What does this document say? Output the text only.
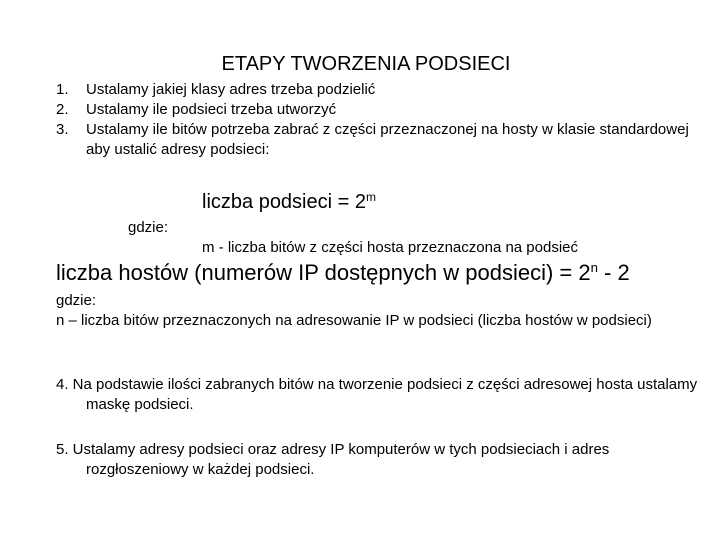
ETAPY TWORZENIA PODSIECI
1. Ustalamy jakiej klasy adres trzeba podzielić
2. Ustalamy ile podsieci trzeba utworzyć
3. Ustalamy ile bitów potrzeba zabrać z części przeznaczonej na hosty w klasie standardowej aby ustalić adresy podsieci:
liczba podsieci = $2^m$
gdzie:
m - liczba bitów z części hosta przeznaczona na podsieć
liczba hostów (numerów IP dostępnych w podsieci) = $2^n - 2$
gdzie:
n – liczba bitów przeznaczonych na adresowanie IP w podsieci (liczba hostów w podsieci)
4. Na podstawie ilości zabranych bitów na tworzenie podsieci z części adresowej hosta ustalamy maskę podsieci.
5. Ustalamy adresy podsieci oraz adresy IP komputerów w tych podsieciach i adres rozgłoszeniowy w każdej podsieci.
